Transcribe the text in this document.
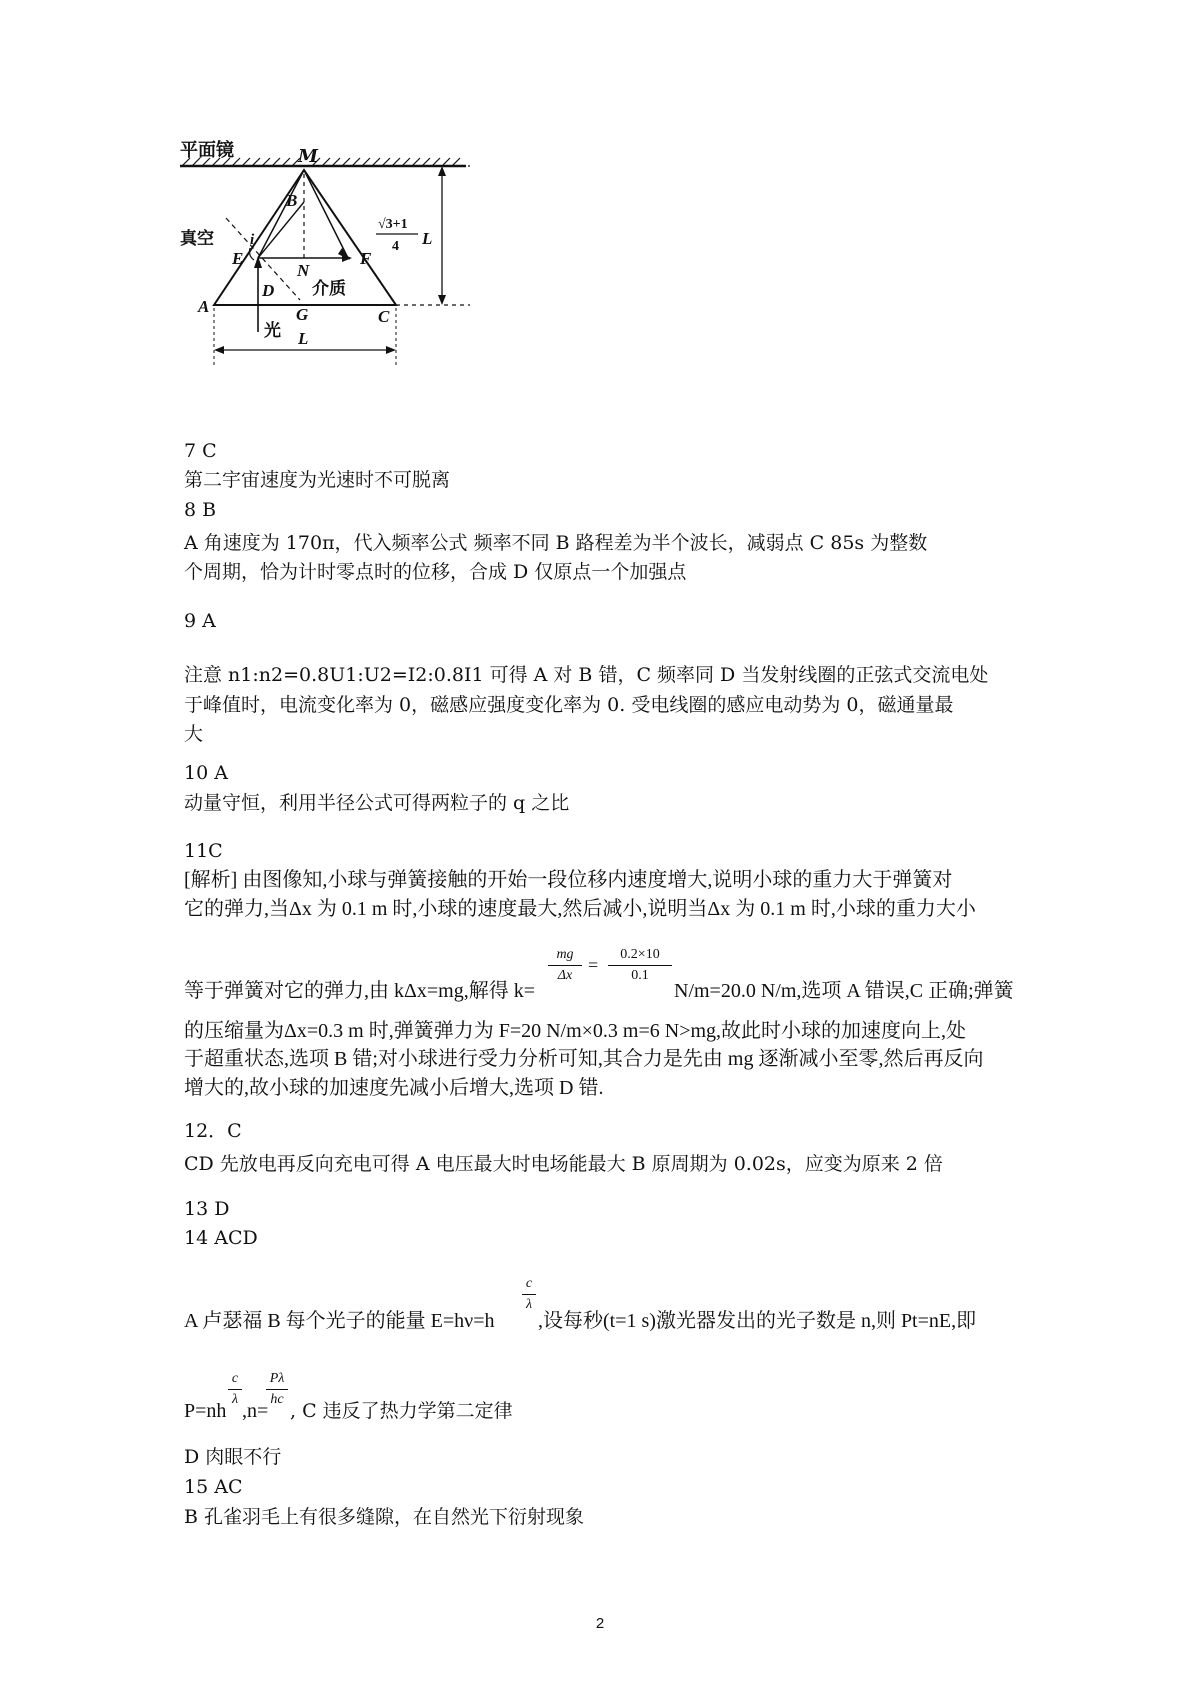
平面镜	M
B
i
E
N
F
A
D
G	C
L
L
真空
介质
光
√3+1
4
7 C
第二宇宙速度为光速时不可脱离
8 B
A 角速度为 170π，代入频率公式 频率不同 B 路程差为半个波长，减弱点 C 85s 为整数
个周期，恰为计时零点时的位移，合成 D 仅原点一个加强点
9 A
注意 n1:n2=0.8U1:U2=I2:0.8I1 可得 A 对 B 错，C 频率同 D 当发射线圈的正弦式交流电处
于峰值时，电流变化率为 0，磁感应强度变化率为 0. 受电线圈的感应电动势为 0，磁通量最
大
10 A
动量守恒，利用半径公式可得两粒子的 q 之比
11C
[解析] 由图像知,小球与弹簧接触的开始一段位移内速度增大,说明小球的重力大于弹簧对
它的弹力,当Δx 为 0.1 m 时,小球的速度最大,然后减小,说明当Δx 为 0.1 m 时,小球的重力大小
等于弹簧对它的弹力,由 kΔx=mg,解得 k=
mg
Δx
=
0.2×10
0.1
N/m=20.0 N/m,选项 A 错误,C 正确;弹簧
的压缩量为Δx=0.3 m 时,弹簧弹力为 F=20 N/m×0.3 m=6 N>mg,故此时小球的加速度向上,处
于超重状态,选项 B 错;对小球进行受力分析可知,其合力是先由 mg 逐渐减小至零,然后再反向
增大的,故小球的加速度先减小后增大,选项 D 错.
12．C
CD 先放电再反向充电可得 A 电压最大时电场能最大 B 原周期为 0.02s，应变为原来 2 倍
13 D
14 ACD
A 卢瑟福 B 每个光子的能量 E=hν=h
c
λ
,设每秒(t=1 s)激光器发出的光子数是 n,则 Pt=nE,即
P=nh
c
λ
,n=
Pλ
hc
, C 违反了热力学第二定律
D 肉眼不行
15 AC
B 孔雀羽毛上有很多缝隙，在自然光下衍射现象
2
